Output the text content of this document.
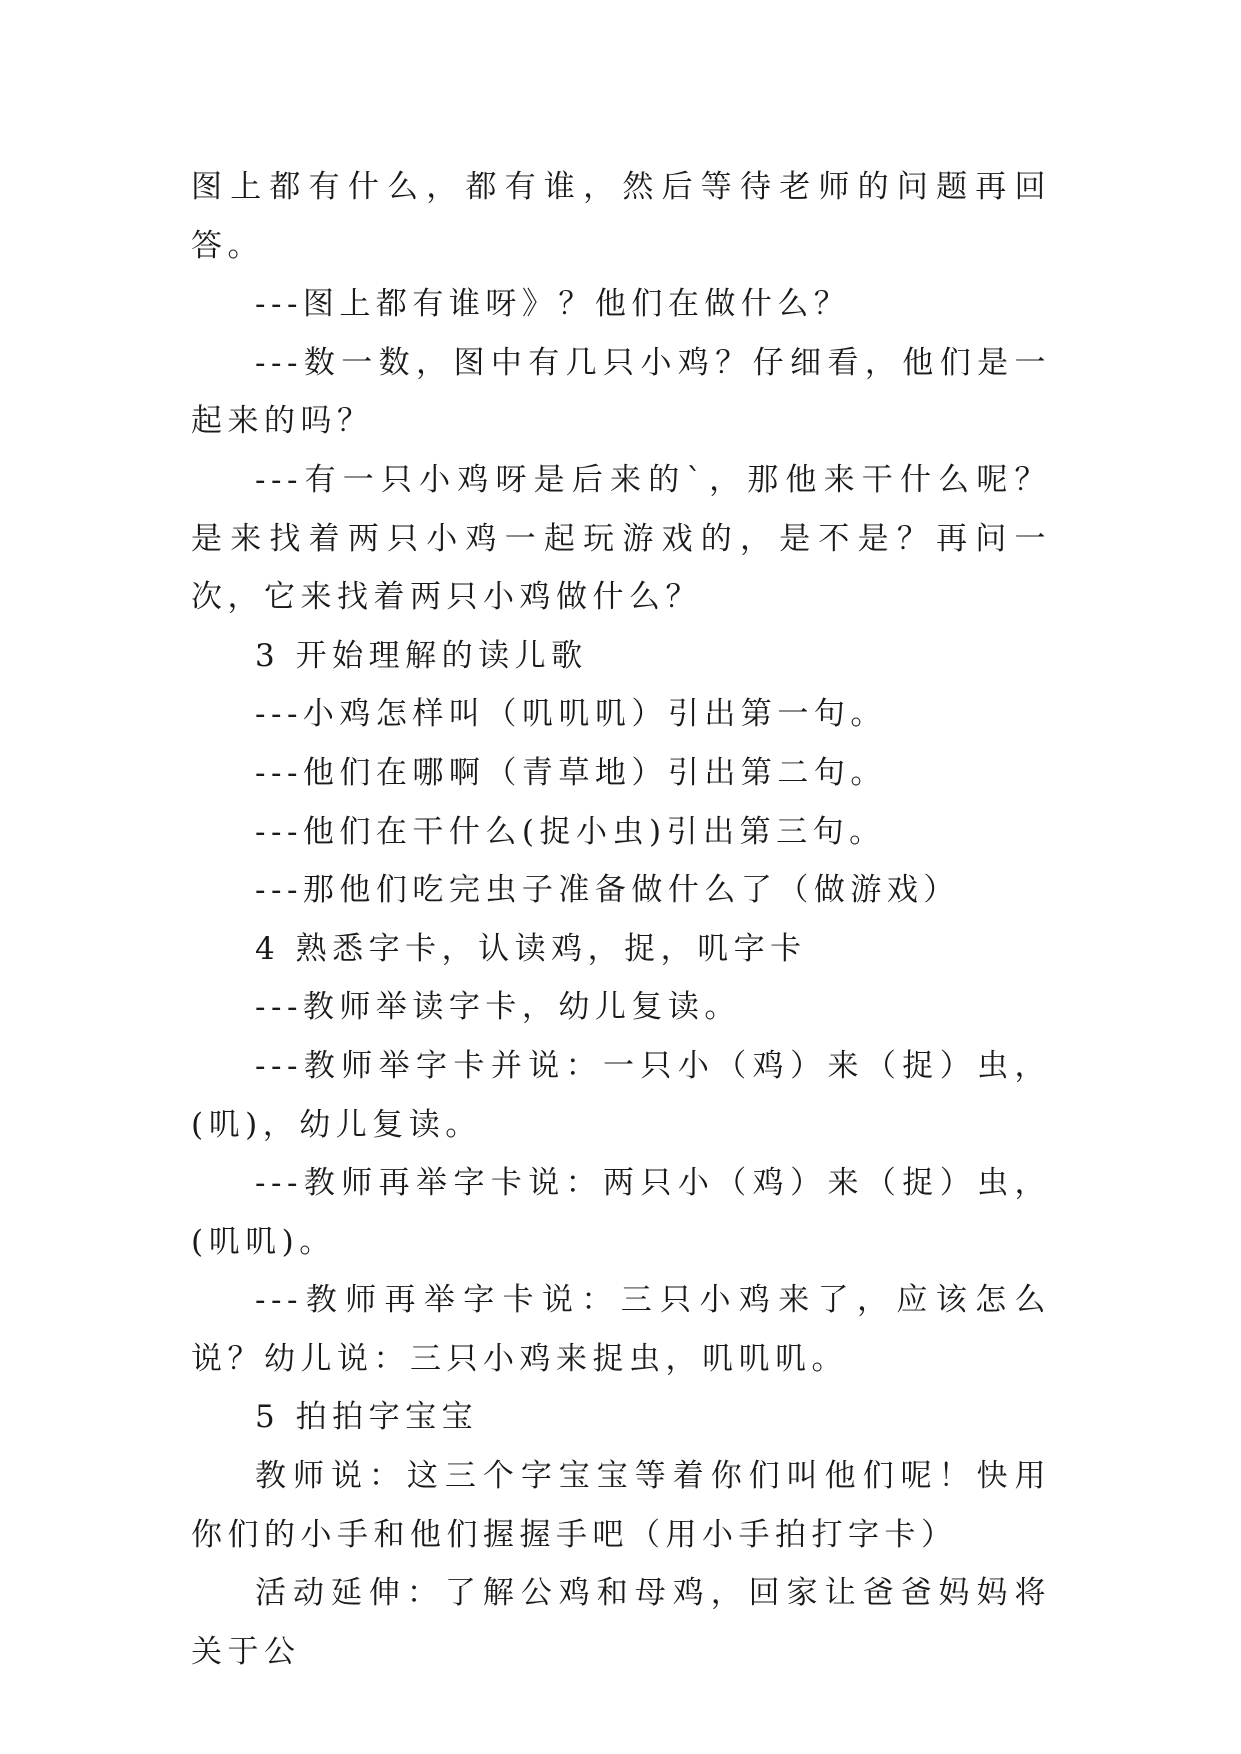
图上都有什么，都有谁，然后等待老师的问题再回答。

---图上都有谁呀》？他们在做什么？

---数一数，图中有几只小鸡？仔细看，他们是一起来的吗？

---有一只小鸡呀是后来的`，那他来干什么呢？是来找着两只小鸡一起玩游戏的，是不是？再问一次，它来找着两只小鸡做什么？

3 开始理解的读儿歌

---小鸡怎样叫（叽叽叽）引出第一句。

---他们在哪啊（青草地）引出第二句。

---他们在干什么(捉小虫)引出第三句。

---那他们吃完虫子准备做什么了（做游戏）

4 熟悉字卡，认读鸡，捉，叽字卡

---教师举读字卡，幼儿复读。

---教师举字卡并说：一只小（鸡）来（捉）虫，(叽)，幼儿复读。

---教师再举字卡说：两只小（鸡）来（捉）虫，(叽叽)。

---教师再举字卡说：三只小鸡来了，应该怎么说？幼儿说：三只小鸡来捉虫，叽叽叽。

5 拍拍字宝宝

教师说：这三个字宝宝等着你们叫他们呢！快用你们的小手和他们握握手吧（用小手拍打字卡）

活动延伸：了解公鸡和母鸡，回家让爸爸妈妈将关于公
